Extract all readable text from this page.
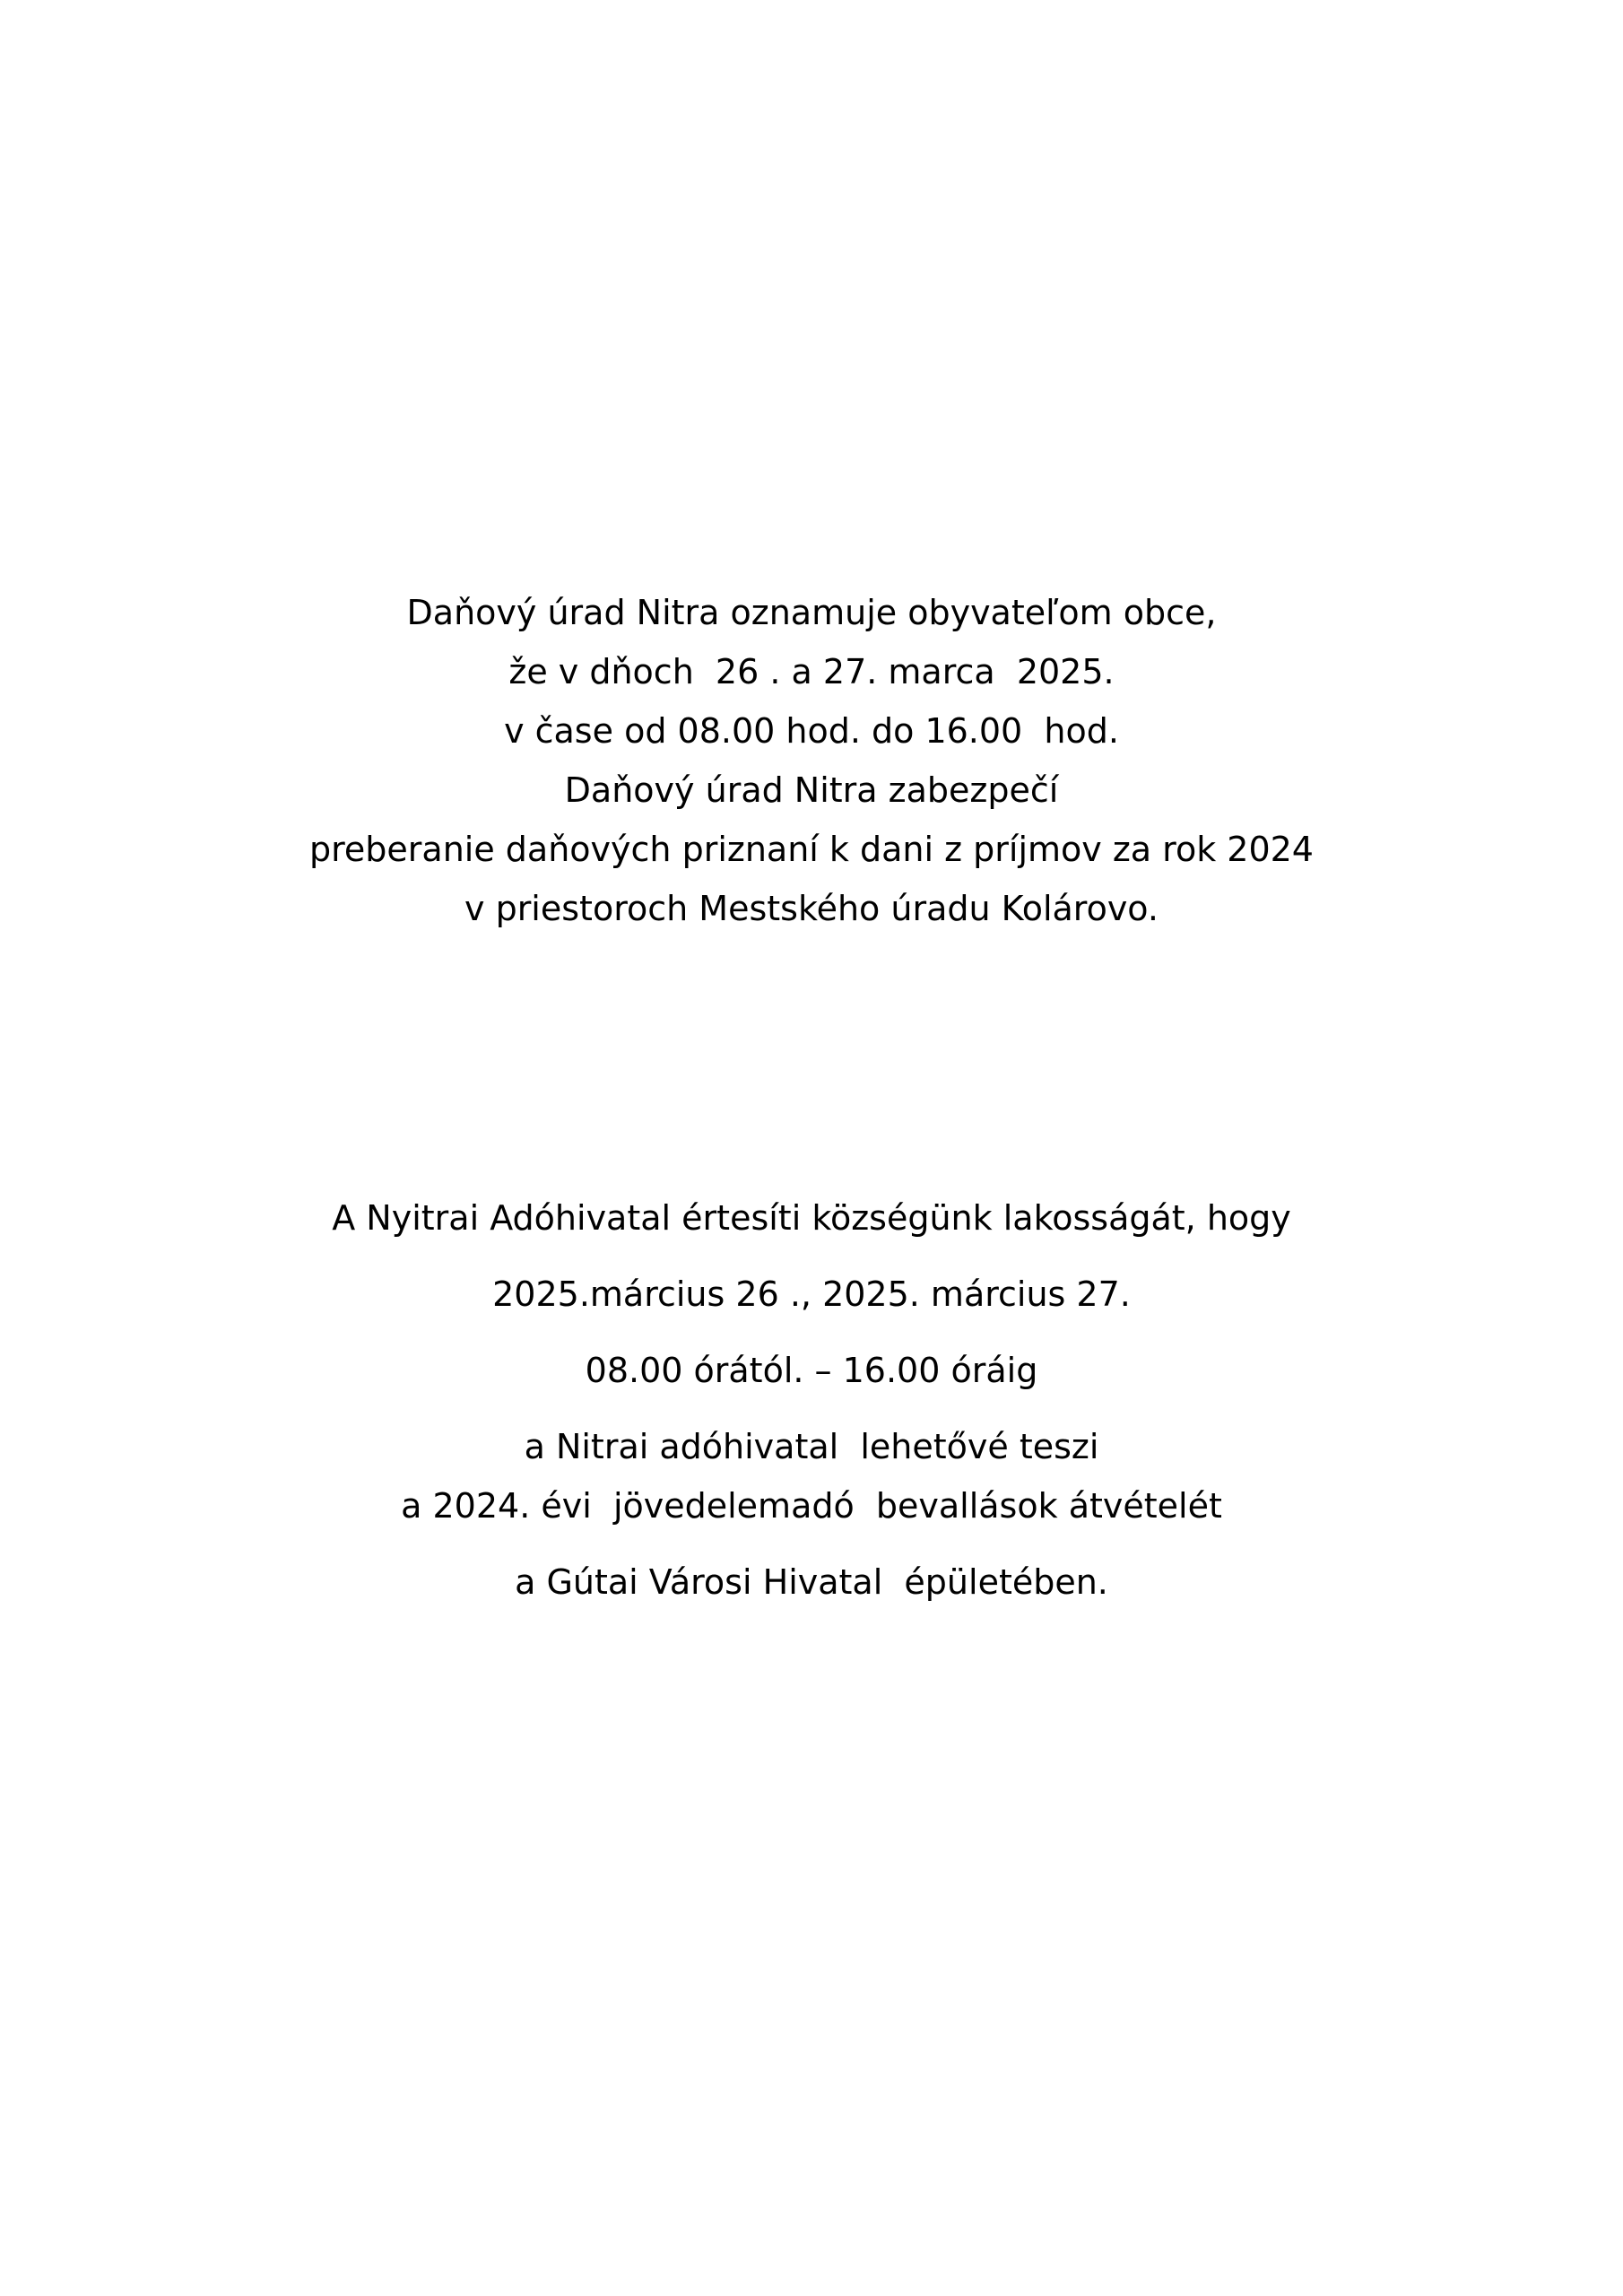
Daňový úrad Nitra oznamuje obyvateľom obce,
že v dňoch  26 . a 27. marca  2025.
v čase od 08.00 hod. do 16.00  hod.
Daňový úrad Nitra zabezpečí
preberanie daňových priznaní k dani z príjmov za rok 2024
v priestoroch Mestského úradu Kolárovo.
A Nyitrai Adóhivatal értesíti községünk lakosságát, hogy
2025.március 26 ., 2025. március 27.
08.00 órától. – 16.00 óráig
a Nitrai adóhivatal  lehetővé teszi
a 2024. évi  jövedelemadó  bevallások átvételét
a Gútai Városi Hivatal  épületében.
